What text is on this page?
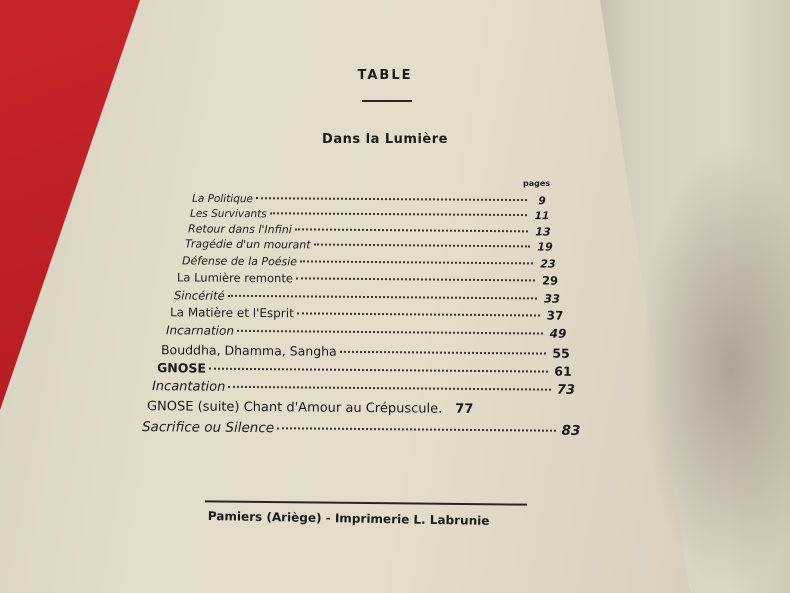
TABLE
Dans la Lumière
pages
La Politique	9
Les Survivants	11
Retour dans l'Infini	13
Tragédie d'un mourant	19
Défense de la Poésie	23
La Lumière remonte	29
Sincérité	33
La Matière et l'Esprit	37
Incarnation	49
Bouddha, Dhamma, Sangha	55
GNOSE	61
Incantation	73
GNOSE (suite) Chant d'Amour au Crépuscule. 77
Sacrifice ou Silence	83
Pamiers (Ariège) - Imprimerie L. Labrunie
